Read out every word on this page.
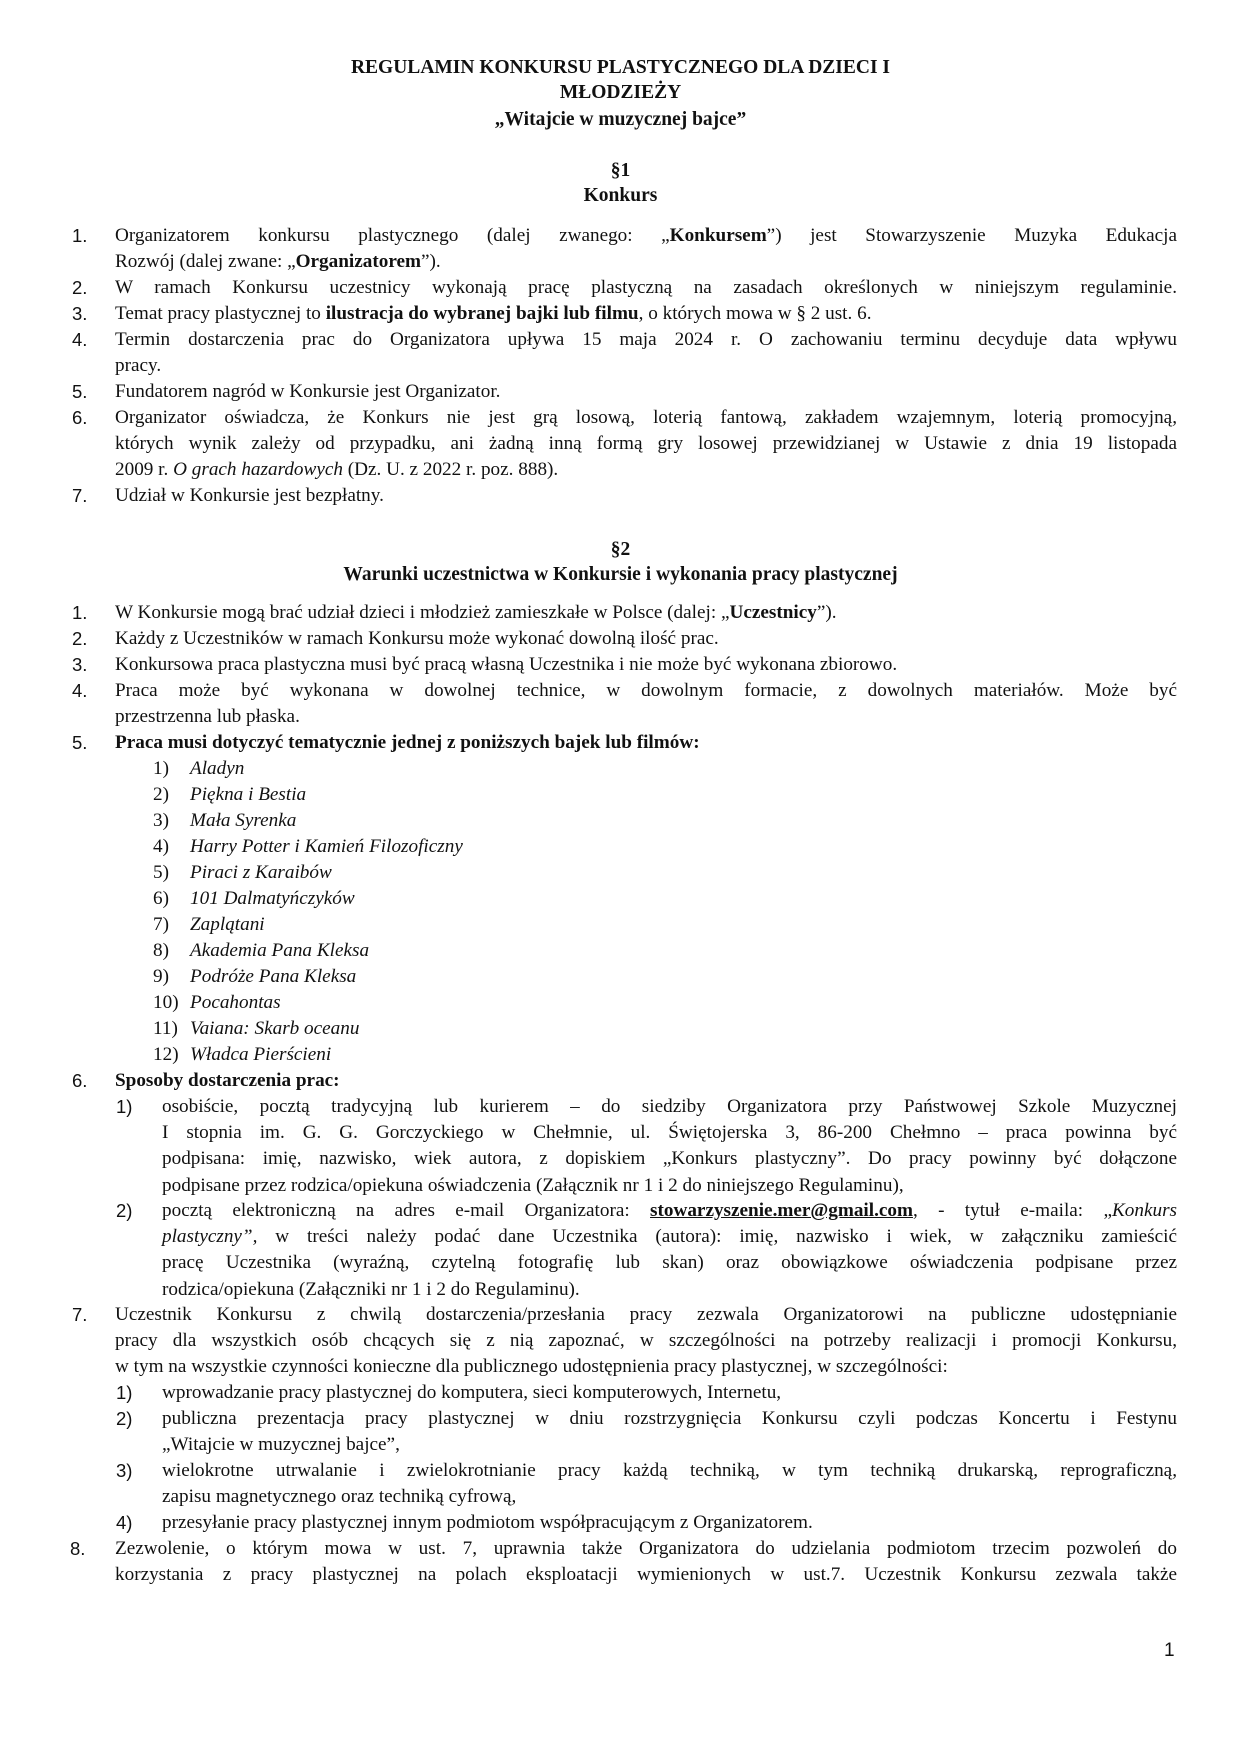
REGULAMIN KONKURSU PLASTYCZNEGO DLA DZIECI I
MŁODZIEŻY
„Witajcie w muzycznej bajce”
§1
Konkurs
1. Organizatorem konkursu plastycznego (dalej zwanego: „Konkursem”) jest Stowarzyszenie Muzyka Edukacja
Rozwój (dalej zwane: „Organizatorem”).
2. W ramach Konkursu uczestnicy wykonają pracę plastyczną na zasadach określonych w niniejszym regulaminie.
3. Temat pracy plastycznej to ilustracja do wybranej bajki lub filmu, o których mowa w § 2 ust. 6.
4. Termin dostarczenia prac do Organizatora upływa 15 maja 2024 r. O zachowaniu terminu decyduje data wpływu
pracy.
5. Fundatorem nagród w Konkursie jest Organizator.
6. Organizator oświadcza, że Konkurs nie jest grą losową, loterią fantową, zakładem wzajemnym, loterią promocyjną,
których wynik zależy od przypadku, ani żadną inną formą gry losowej przewidzianej w Ustawie z dnia 19 listopada
2009 r. O grach hazardowych (Dz. U. z 2022 r. poz. 888).
7. Udział w Konkursie jest bezpłatny.
§2
Warunki uczestnictwa w Konkursie i wykonania pracy plastycznej
1. W Konkursie mogą brać udział dzieci i młodzież zamieszkałe w Polsce (dalej: „Uczestnicy”).
2. Każdy z Uczestników w ramach Konkursu może wykonać dowolną ilość prac.
3. Konkursowa praca plastyczna musi być pracą własną Uczestnika i nie może być wykonana zbiorowo.
4. Praca może być wykonana w dowolnej technice, w dowolnym formacie, z dowolnych materiałów. Może być
przestrzenna lub płaska.
5. Praca musi dotyczyć tematycznie jednej z poniższych bajek lub filmów:
1) Aladyn
2) Piękna i Bestia
3) Mała Syrenka
4) Harry Potter i Kamień Filozoficzny
5) Piraci z Karaibów
6) 101 Dalmatyńczyków
7) Zaplątani
8) Akademia Pana Kleksa
9) Podróże Pana Kleksa
10) Pocahontas
11) Vaiana: Skarb oceanu
12) Władca Pierścieni
6. Sposoby dostarczenia prac:
1) osobiście, pocztą tradycyjną lub kurierem – do siedziby Organizatora przy Państwowej Szkole Muzycznej
I stopnia im. G. G. Gorczyckiego w Chełmnie, ul. Świętojerska 3, 86-200 Chełmno – praca powinna być
podpisana: imię, nazwisko, wiek autora, z dopiskiem „Konkurs plastyczny”. Do pracy powinny być dołączone
podpisane przez rodzica/opiekuna oświadczenia (Załącznik nr 1 i 2 do niniejszego Regulaminu),
2) pocztą elektroniczną na adres e-mail Organizatora: stowarzyszenie.mer@gmail.com, - tytuł e-maila: „Konkurs
plastyczny”, w treści należy podać dane Uczestnika (autora): imię, nazwisko i wiek, w załączniku zamieścić
pracę Uczestnika (wyraźną, czytelną fotografię lub skan) oraz obowiązkowe oświadczenia podpisane przez
rodzica/opiekuna (Załączniki nr 1 i 2 do Regulaminu).
7. Uczestnik Konkursu z chwilą dostarczenia/przesłania pracy zezwala Organizatorowi na publiczne udostępnianie
pracy dla wszystkich osób chcących się z nią zapoznać, w szczególności na potrzeby realizacji i promocji Konkursu,
w tym na wszystkie czynności konieczne dla publicznego udostępnienia pracy plastycznej, w szczególności:
1) wprowadzanie pracy plastycznej do komputera, sieci komputerowych, Internetu,
2) publiczna prezentacja pracy plastycznej w dniu rozstrzygnięcia Konkursu czyli podczas Koncertu i Festynu
„Witajcie w muzycznej bajce”,
3) wielokrotne utrwalanie i zwielokrotnianie pracy każdą techniką, w tym techniką drukarską, reprograficzną,
zapisu magnetycznego oraz techniką cyfrową,
4) przesyłanie pracy plastycznej innym podmiotom współpracującym z Organizatorem.
8. Zezwolenie, o którym mowa w ust. 7, uprawnia także Organizatora do udzielania podmiotom trzecim pozwoleń do
korzystania z pracy plastycznej na polach eksploatacji wymienionych w ust.7. Uczestnik Konkursu zezwala także
1
